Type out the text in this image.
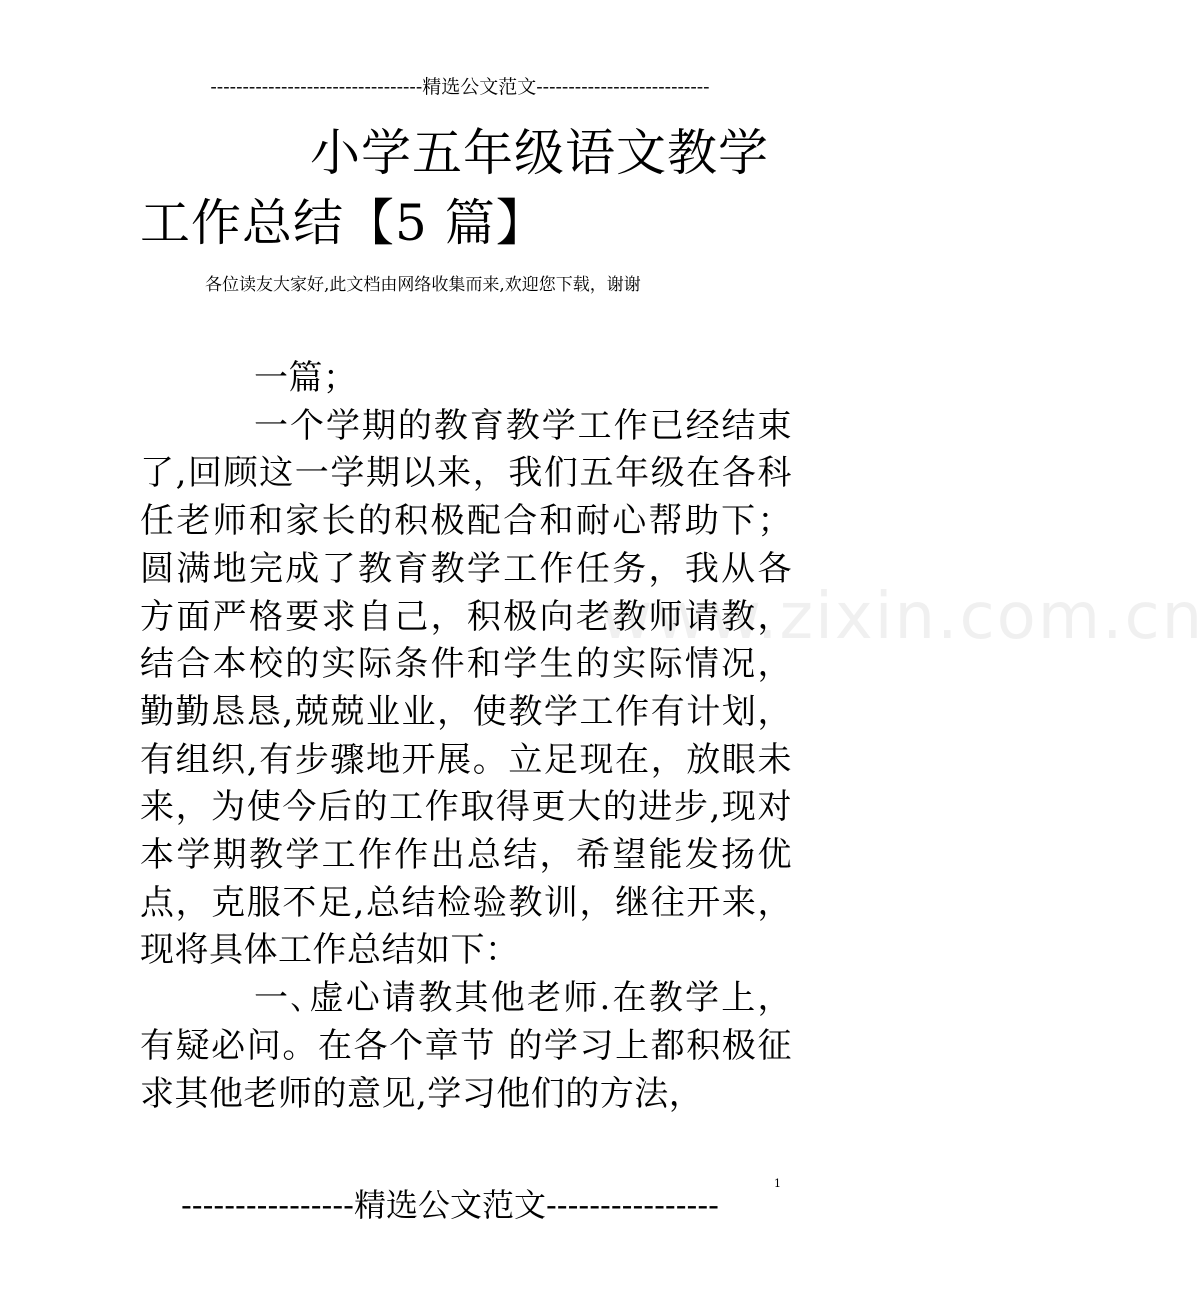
---------------------------------精选公文范文---------------------------
小学五年级语文教学工作总结【5 篇】
各位读友大家好,此文档由网络收集而来,欢迎您下载，谢谢
www.zixin.com.cn

一篇；

一个学期的教育教学工作已经结束了,回顾这一学期以来，我们五年级在各科任老师和家长的积极配合和耐心帮助下；圆满地完成了教育教学工作任务，我从各方面严格要求自己，积极向老教师请教，结合本校的实际条件和学生的实际情况，勤勤恳恳,兢兢业业，使教学工作有计划，有组织,有步骤地开展。立足现在，放眼未来，为使今后的工作取得更大的进步,现对本学期教学工作作出总结，希望能发扬优点，克服不足,总结检验教训，继往开来，现将具体工作总结如下：

一､虚心请教其他老师.在教学上，有疑必问。在各个章节 的学习上都积极征求其他老师的意见,学习他们的方法，

----------------精选公文范文----------------
1
